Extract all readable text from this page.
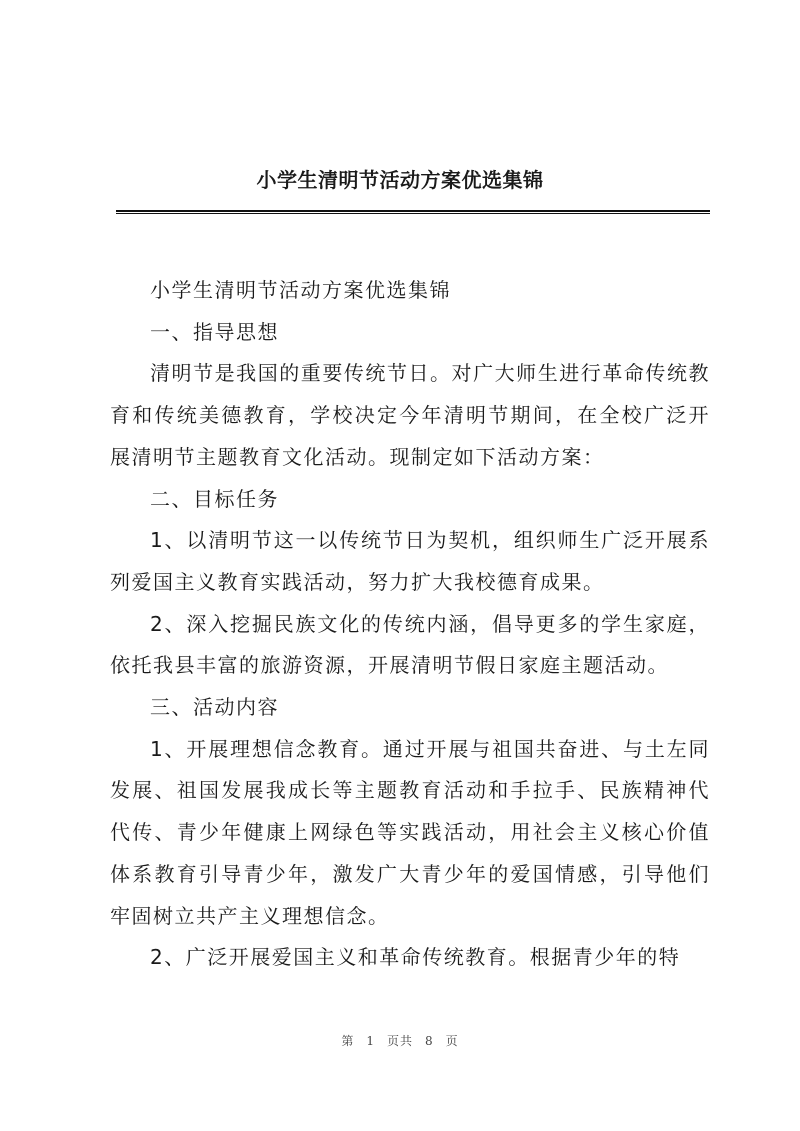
小学生清明节活动方案优选集锦

小学生清明节活动方案优选集锦

一、指导思想

清明节是我国的重要传统节日。对广大师生进行革命传统教育和传统美德教育，学校决定今年清明节期间，在全校广泛开展清明节主题教育文化活动。现制定如下活动方案：

二、目标任务

1、以清明节这一以传统节日为契机，组织师生广泛开展系列爱国主义教育实践活动，努力扩大我校德育成果。

2、深入挖掘民族文化的传统内涵，倡导更多的学生家庭，依托我县丰富的旅游资源，开展清明节假日家庭主题活动。

三、活动内容

1、开展理想信念教育。通过开展与祖国共奋进、与土左同发展、祖国发展我成长等主题教育活动和手拉手、民族精神代代传、青少年健康上网绿色等实践活动，用社会主义核心价值体系教育引导青少年，激发广大青少年的爱国情感，引导他们牢固树立共产主义理想信念。

2、广泛开展爱国主义和革命传统教育。根据青少年的特

第 1 页共 8 页
